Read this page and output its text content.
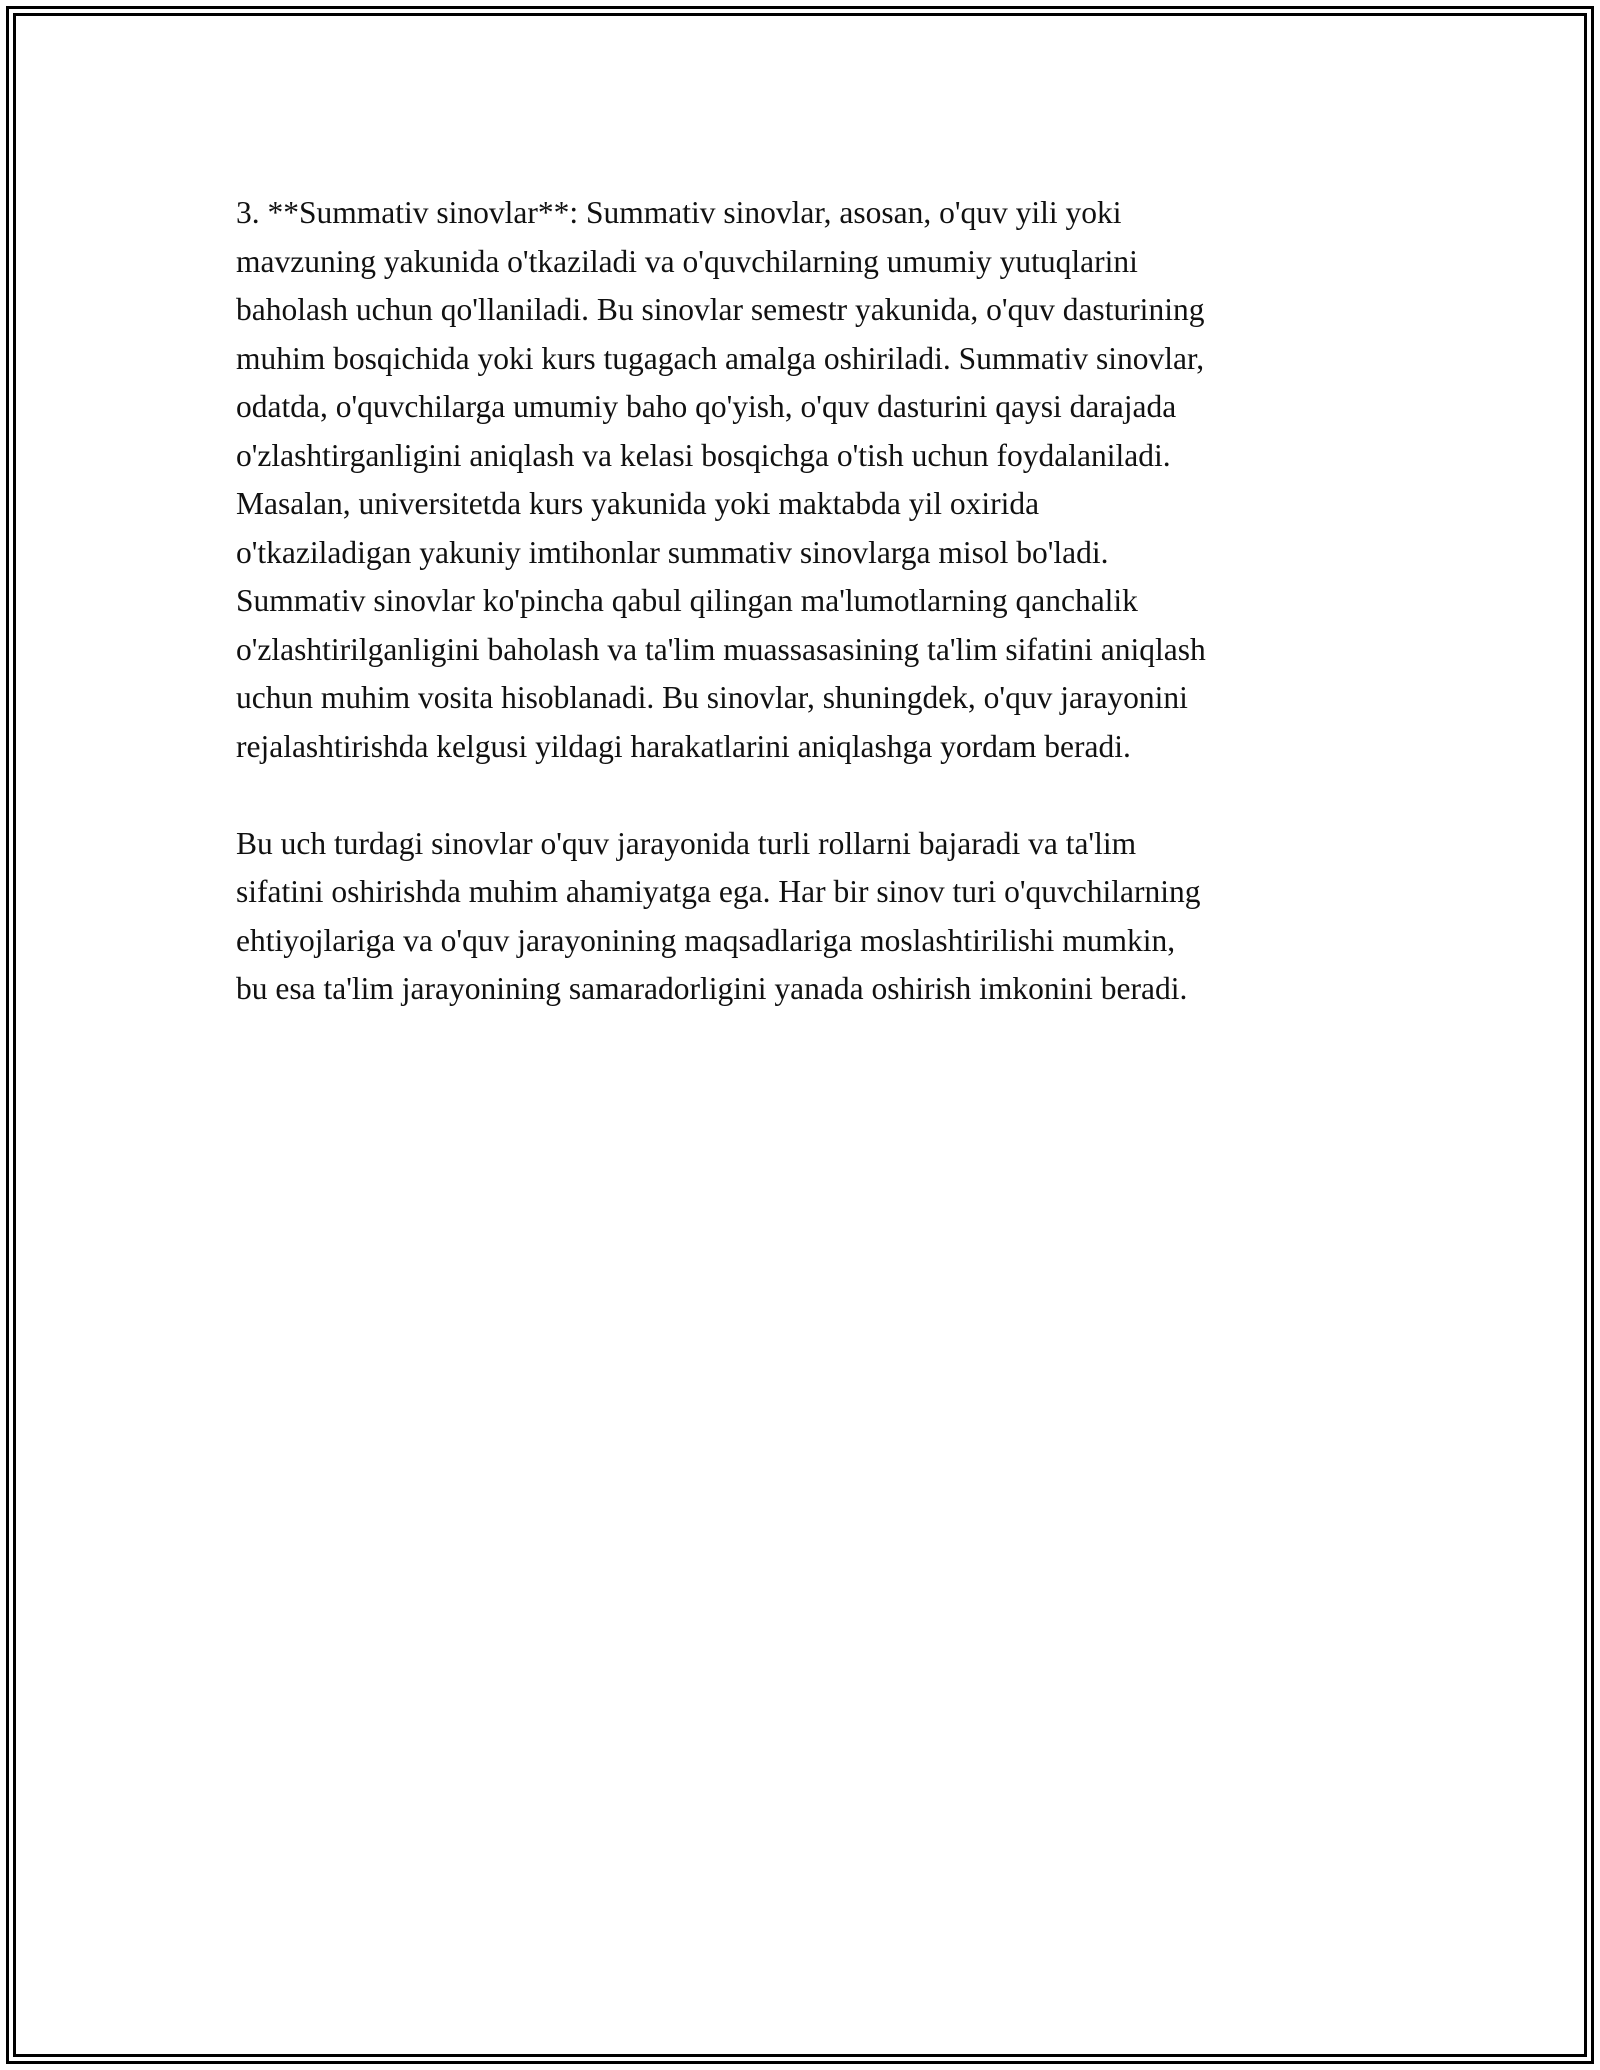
3. **Summativ sinovlar**: Summativ sinovlar, asosan, o'quv yili yoki
mavzuning yakunida o'tkaziladi va o'quvchilarning umumiy yutuqlarini
baholash uchun qo'llaniladi. Bu sinovlar semestr yakunida, o'quv dasturining
muhim bosqichida yoki kurs tugagach amalga oshiriladi. Summativ sinovlar,
odatda, o'quvchilarga umumiy baho qo'yish, o'quv dasturini qaysi darajada
o'zlashtirganligini aniqlash va kelasi bosqichga o'tish uchun foydalaniladi.
Masalan, universitetda kurs yakunida yoki maktabda yil oxirida
o'tkaziladigan yakuniy imtihonlar summativ sinovlarga misol bo'ladi.
Summativ sinovlar ko'pincha qabul qilingan ma'lumotlarning qanchalik
o'zlashtirilganligini baholash va ta'lim muassasasining ta'lim sifatini aniqlash
uchun muhim vosita hisoblanadi. Bu sinovlar, shuningdek, o'quv jarayonini
rejalashtirishda kelgusi yildagi harakatlarini aniqlashga yordam beradi.
Bu uch turdagi sinovlar o'quv jarayonida turli rollarni bajaradi va ta'lim
sifatini oshirishda muhim ahamiyatga ega. Har bir sinov turi o'quvchilarning
ehtiyojlariga va o'quv jarayonining maqsadlariga moslashtirilishi mumkin,
bu esa ta'lim jarayonining samaradorligini yanada oshirish imkonini beradi.
